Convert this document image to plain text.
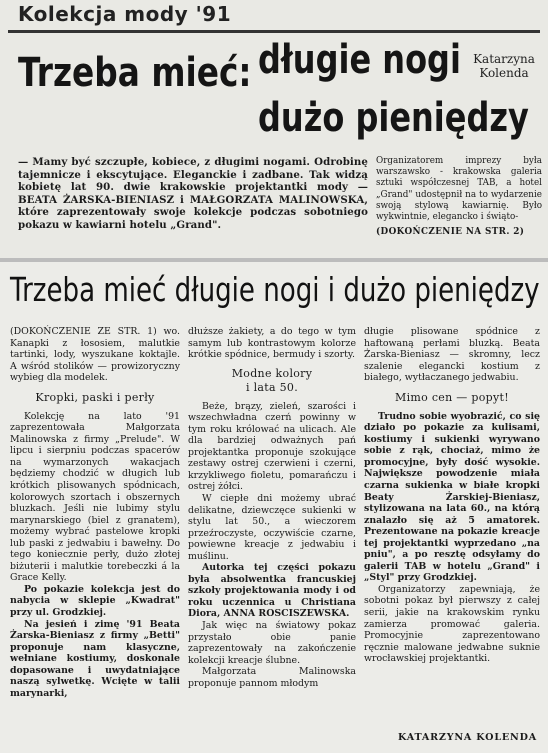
Kolekcja mody '91
Trzeba mieć: długie nogi
dużo pieniędzy
Katarzyna
Kolenda
— Mamy być szczupłe, kobiece, z długimi nogami. Odrobinę tajemnicze i ekscytujące. Eleganckie i zadbane. Tak widzą kobietę lat 90. dwie krakowskie projektantki mody — BEATA ŻARSKA-BIENIASZ i MAŁGORZATA MALINOWSKA, które zaprezentowały swoje kolekcje podczas sobotniego pokazu w kawiarni hotelu „Grand".
Organizatorem imprezy była warszawsko - krakowska galeria sztuki współczesnej TAB, a hotel „Grand" udostępnił na to wydarzenie swoją stylową kawiarnię. Było wykwintnie, elegancko i świąto-
(DOKOŃCZENIE NA STR. 2)
Trzeba mieć długie nogi i dużo pieniędzy

(DOKOŃCZENIE ZE STR. 1) wo. Kanapki z łososiem, malutkie tartinki, lody, wyszukane koktajle. A wśród stolików — prowizoryczny wybieg dla modelek.

Kropki, paski i perły

Kolekcję na lato '91 zaprezentowała Małgorzata Malinowska z firmy „Prelude". W lipcu i sierpniu podczas spacerów na wymarzonych wakacjach będziemy chodzić w długich lub krótkich plisowanych spódnicach, kolorowych szortach i obszernych bluzkach. Jeśli nie lubimy stylu marynarskiego (biel z granatem), możemy wybrać pastelowe kropki lub paski z jedwabiu i bawełny. Do tego koniecznie perły, dużo złotej biżuterii i malutkie torebeczki á la Grace Kelly.

Po pokazie kolekcja jest do nabycia w sklepie „Kwadrat" przy ul. Grodzkiej.

Na jesień i zimę '91 Beata Żarska-Bieniasz z firmy „Betti" proponuje nam klasyczne, wełniane kostiumy, doskonale dopasowane i uwydatniające naszą sylwetkę. Wcięte w talii marynarki,

dłuższe żakiety, a do tego w tym samym lub kontrastowym kolorze krótkie spódnice, bermudy i szorty.

Modne kolory
i lata 50.

Beże, brązy, zieleń, szarości i wszechwładna czerń powinny w tym roku królować na ulicach. Ale dla bardziej odważnych pań projektantka proponuje szokujące zestawy ostrej czerwieni i czerni, krzykliwego fioletu, pomarańczu i ostrej żółci.

W ciepłe dni możemy ubrać delikatne, dziewczęce sukienki w stylu lat 50., a wieczorem przeźroczyste, oczywiście czarne, powiewne kreacje z jedwabiu i muślinu.

Autorka tej części pokazu była absolwentka francuskiej szkoły projektowania mody i od roku uczennica u Christiana Diora, ANNA ROSCISZEWSKA.

Jak więc na światowy pokaz przystało obie panie zaprezentowały na zakończenie kolekcji kreacje ślubne.

Małgorzata Malinowska proponuje pannom młodym

długie plisowane spódnice z haftowaną perłami bluzką. Beata Żarska-Bieniasz — skromny, lecz szalenie elegancki kostium z białego, wytłaczanego jedwabiu.

Mimo cen — popyt!

Trudno sobie wyobrazić, co się działo po pokazie za kulisami, kostiumy i sukienki wyrywano sobie z rąk, chociaż, mimo że promocyjne, były dość wysokie. Największe powodzenie miała czarna sukienka w białe kropki Beaty Żarskiej-Bieniasz, stylizowana na lata 60., na którą znalazło się aż 5 amatorek. Prezentowane na pokazie kreacje tej projektantki wyprzedano „na pniu", a po resztę odsyłamy do galerii TAB w hotelu „Grand" i „Styl" przy Grodzkiej.

Organizatorzy zapewniają, że sobotni pokaz był pierwszy z całej serii, jakie na krakowskim rynku zamierza promować galeria. Promocyjnie zaprezentowano ręcznie malowane jedwabne suknie wrocławskiej projektantki.

KATARZYNA KOLENDA
